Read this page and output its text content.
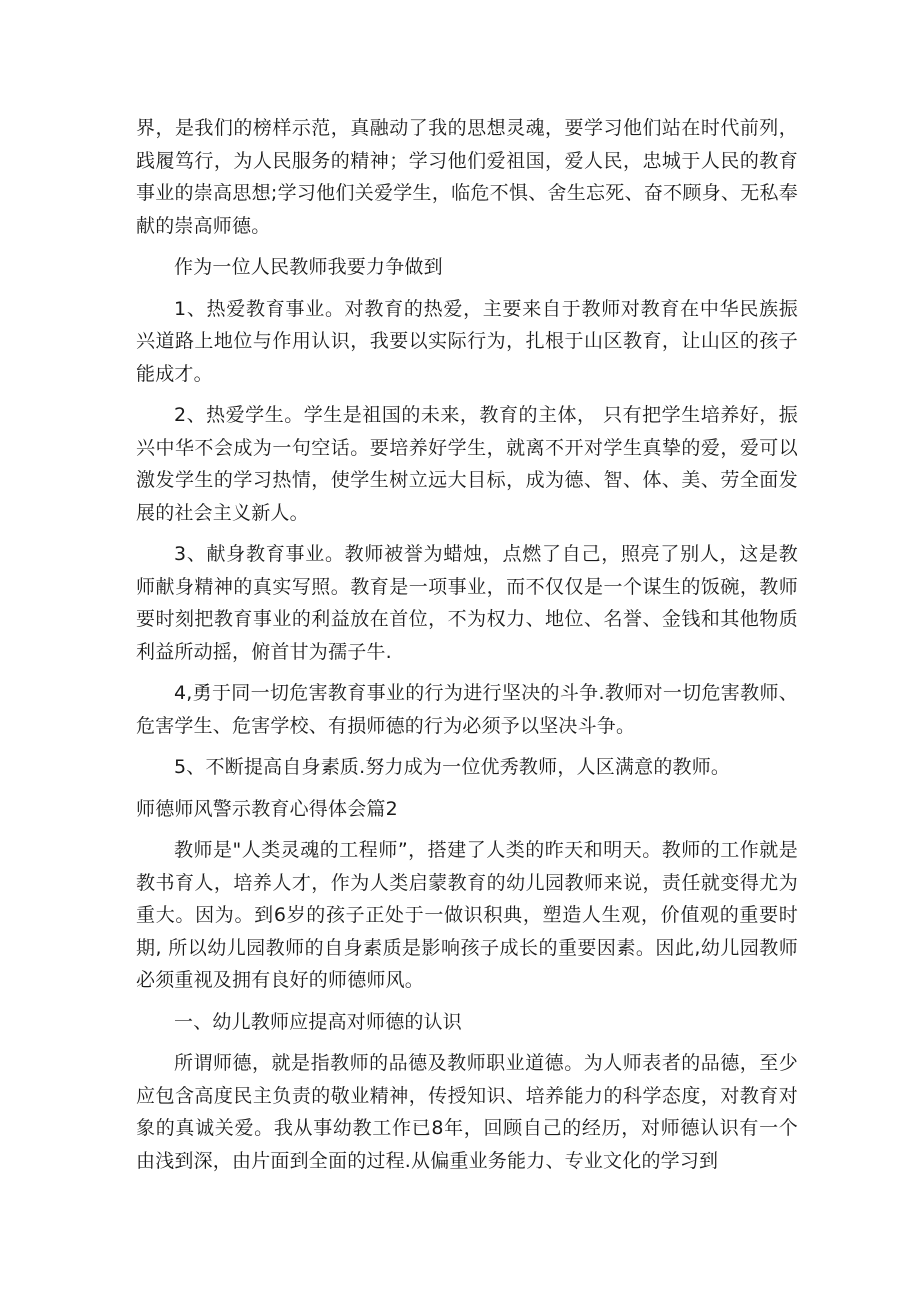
界，是我们的榜样示范，真融动了我的思想灵魂，要学习他们站在时代前列，践履笃行，为人民服务的精神；学习他们爱祖国，爱人民，忠城于人民的教育事业的崇高思想;学习他们关爱学生，临危不惧、舍生忘死、奋不顾身、无私奉献的崇高师德。

作为一位人民教师我要力争做到

1、热爱教育事业。对教育的热爱，主要来自于教师对教育在中华民族振兴道路上地位与作用认识，我要以实际行为，扎根于山区教育，让山区的孩子能成才。

2、热爱学生。学生是祖国的未来，教育的主体， 只有把学生培养好，振兴中华不会成为一句空话。要培养好学生，就离不开对学生真挚的爱，爱可以激发学生的学习热情，使学生树立远大目标，成为德、智、体、美、劳全面发展的社会主义新人。

3、献身教育事业。教师被誉为蜡烛，点燃了自己，照亮了别人，这是教师献身精神的真实写照。教育是一项事业，而不仅仅是一个谋生的饭碗，教师要时刻把教育事业的利益放在首位，不为权力、地位、名誉、金钱和其他物质利益所动摇，俯首甘为孺子牛.

4,勇于同一切危害教育事业的行为进行坚决的斗争.教师对一切危害教师、危害学生、危害学校、有损师德的行为必须予以坚决斗争。

5、不断提高自身素质.努力成为一位优秀教师，人区满意的教师。

师德师风警示教育心得体会篇2

教师是"人类灵魂的工程师”，搭建了人类的昨天和明天。教师的工作就是教书育人，培养人才，作为人类启蒙教育的幼儿园教师来说，责任就变得尤为重大。因为。到6岁的孩子正处于一做识积典，塑造人生观，价值观的重要时期, 所以幼儿园教师的自身素质是影响孩子成长的重要因素。因此,幼儿园教师必须重视及拥有良好的师德师风。

一、幼儿教师应提高对师德的认识

所谓师德，就是指教师的品德及教师职业道德。为人师表者的品德，至少应包含高度民主负责的敬业精神，传授知识、培养能力的科学态度，对教育对象的真诚关爱。我从事幼教工作已8年，回顾自己的经历，对师德认识有一个由浅到深，由片面到全面的过程.从偏重业务能力、专业文化的学习到
